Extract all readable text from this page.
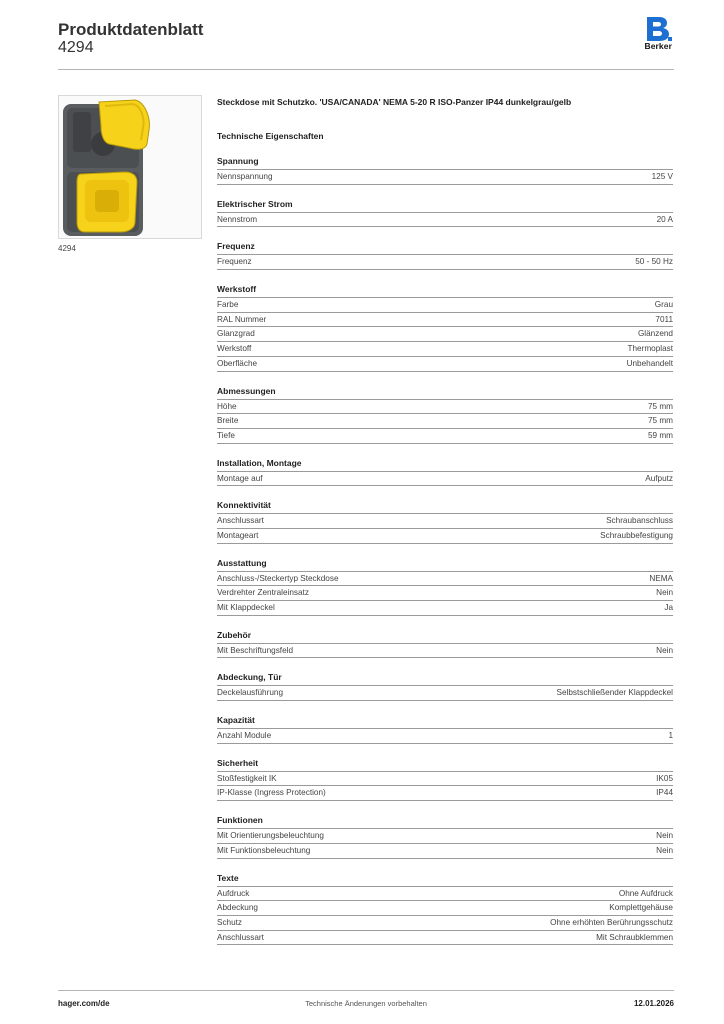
Produktdatenblatt
4294	Berker
4294
Steckdose mit Schutzko. 'USA/CANADA' NEMA 5-20 R ISO-Panzer IP44 dunkelgrau/gelb
Technische Eigenschaften
Spannung
Nennspannung	125 V
Elektrischer Strom
Nennstrom	20 A
Frequenz
Frequenz	50 - 50 Hz
Werkstoff
Farbe	Grau
RAL Nummer	7011
Glanzgrad	Glänzend
Werkstoff	Thermoplast
Oberfläche	Unbehandelt
Abmessungen
Höhe	75 mm
Breite	75 mm
Tiefe	59 mm
Installation, Montage
Montage auf	Aufputz
Konnektivität
Anschlussart	Schraubanschluss
Montageart	Schraubbefestigung
Ausstattung
Anschluss-/Steckertyp Steckdose	NEMA
Verdrehter Zentraleinsatz	Nein
Mit Klappdeckel	Ja
Zubehör
Mit Beschriftungsfeld	Nein
Abdeckung, Tür
Deckelausführung	Selbstschließender Klappdeckel
Kapazität
Anzahl Module	1
Sicherheit
Stoßfestigkeit IK	IK05
IP-Klasse (Ingress Protection)	IP44
Funktionen
Mit Orientierungsbeleuchtung	Nein
Mit Funktionsbeleuchtung	Nein
Texte
Aufdruck	Ohne Aufdruck
Abdeckung	Komplettgehäuse
Schutz	Ohne erhöhten Berührungsschutz
Anschlussart	Mit Schraubklemmen
hager.com/de	Technische Änderungen vorbehalten	12.01.2026
